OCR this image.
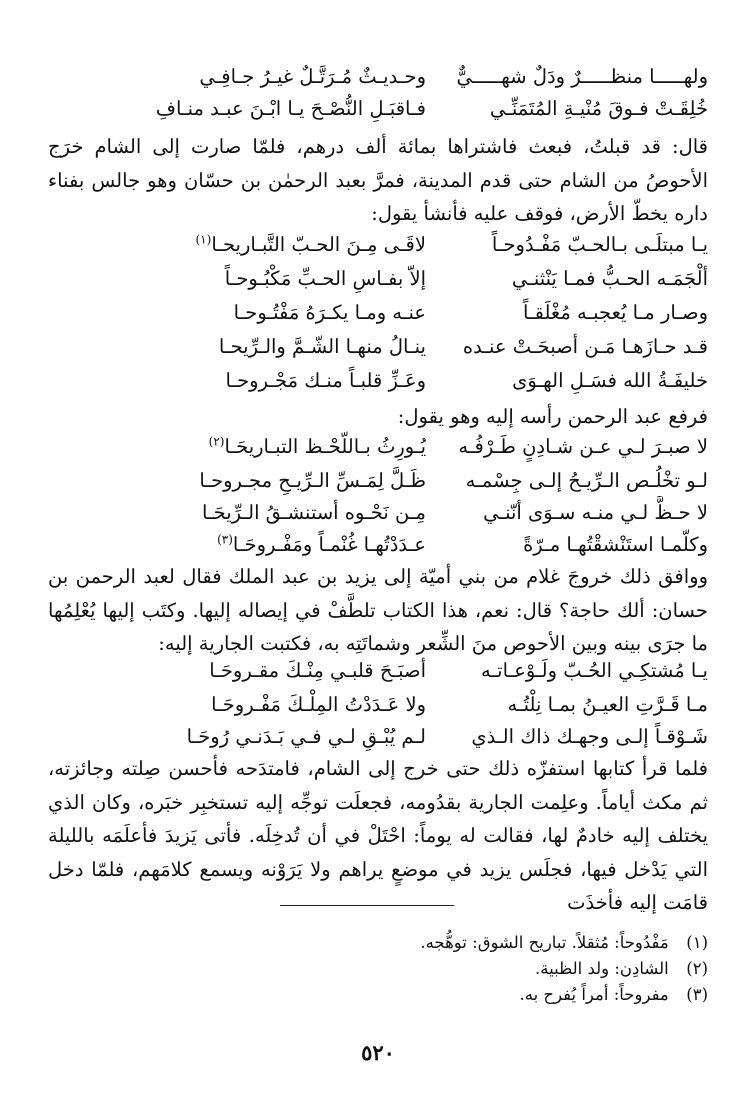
ولهـــــا منظـــــرٌ ودَلٌ شهـــــيٌّ
وحـديـثٌ مُـرَتَّـلٌ غيـرُ جـافِـي
خُلِقَـتْ فـوقَ مُنْيـةِ المُتَمَنِّـي
فـاقبَـلِ النُّصْـحَ يـا ابْـنَ عبـد منـافِ
قال: قد قبلتُ، فبعث فاشتراها بمائة ألف درهم، فلمّا صارت إلى الشام خرَج الأحوصُ من الشام حتى قدم المدينة، فمرَّ بعبد الرحمٰن بن حسّان وهو جالس بفناء داره يخطّ الأرض، فوقف عليه فأنشأ يقول:
يـا مبتلَـى بـالحـبّ مَفْـدُوحـاً
لاقَـى مِـنَ الحـبّ التَّبـاريحـا$^{(١)}$
ألْجَمَـه الحـبُّ فمـا يَنْثنـي
إلاّ بفـاسِ الحـبِّ مَكْبُـوحـاً
وصـار مـا يُعجبـه مُغْلَقـاً
عنـه ومـا يكـرَهُ مَفْتُـوحـا
قـد حـازَهـا مَـن أصبحَـتْ عنـده
ينـالُ منهـا الشّـمَّ والـرِّيحـا
خليفَـةُ الله فسَـلِ الهـوَى
وعَـزِّ قلبـاً منـك مَجْـروحـا
فرفع عبد الرحمن رأسه إليه وهو يقول:
لا صبـرَ لـي عـن شـادِنٍ طَـرْفُـه
يُـورِثُ بـاللّحْـظ التبـاريحَـا$^{(٢)}$
لـو تخْلُـص الـرِّيـحُ إلـى جِسْمـه
ظَـلَّ لِمَـسِّ الـرِّيـحِ مجـروحـا
لا حـظَّ لـي منـه سـوَى أنّنـي
مِـن نَحْـوه أستنشـقُ الـرِّيحَـا
وكلّمـا استَنْشقْتُهـا مـرّةً
عـدَدْتُهـا غُنْمـاً ومَفْـروحَـا$^{(٣)}$
ووافق ذلك خروجَ غلام من بني أميّة إلى يزيد بن عبد الملك فقال لعبد الرحمن بن حسان: ألك حاجة؟ قال: نعم، هذا الكتاب تلطَّفْ في إيصاله إليها. وكتَب إليها يُعْلِمُها ما جرَى بينه وبين الأحوص منَ الشِّعر وشماتَتِه به، فكتبت الجارية إليه:
يـا مُشتكِـي الحُـبّ ولَـوْعـاتـه
أصبَـحَ قلبـي مِنْـكَ مقـروحَـا
مـا قَـرَّتِ العيـنُ بمـا نِلْتُـه
ولا عَـدَدْتُ المِلْـكَ مَفْـروحَـا
شَـوْقـاً إلـى وجهـك ذاك الـذي
لـم يُبْـقِ لـي فـي بَـدَنـي رُوحَـا
فلما قرأ كتابها استفزّه ذلك حتى خرج إلى الشام، فامتدَحه فأحسن صِلته وجائزته، ثم مكث أياماً. وعلِمت الجارية بقدُومه، فجعلَت توجِّه إليه تستخبِر خبَره، وكان الذي يختلف إليه خادمٌ لها، فقالت له يوماً: احْتَلْ في أن تُدخِلَه. فأتى يَزيدَ فأعلَمَه بالليلة التي يَدْخل فيها، فجلَس يزيد في موضعٍ يراهم ولا يَرَوْنه ويسمع كلامَهم، فلمّا دخل قامَت إليه فأخذَت
(١) مَفْدُوحاً: مُثقلاً. تباريح الشوق: توهُّجه.
(٢) الشادِن: ولد الظبية.
(٣) مفروحاً: أمراً يُفرح به.
٥٢٠
